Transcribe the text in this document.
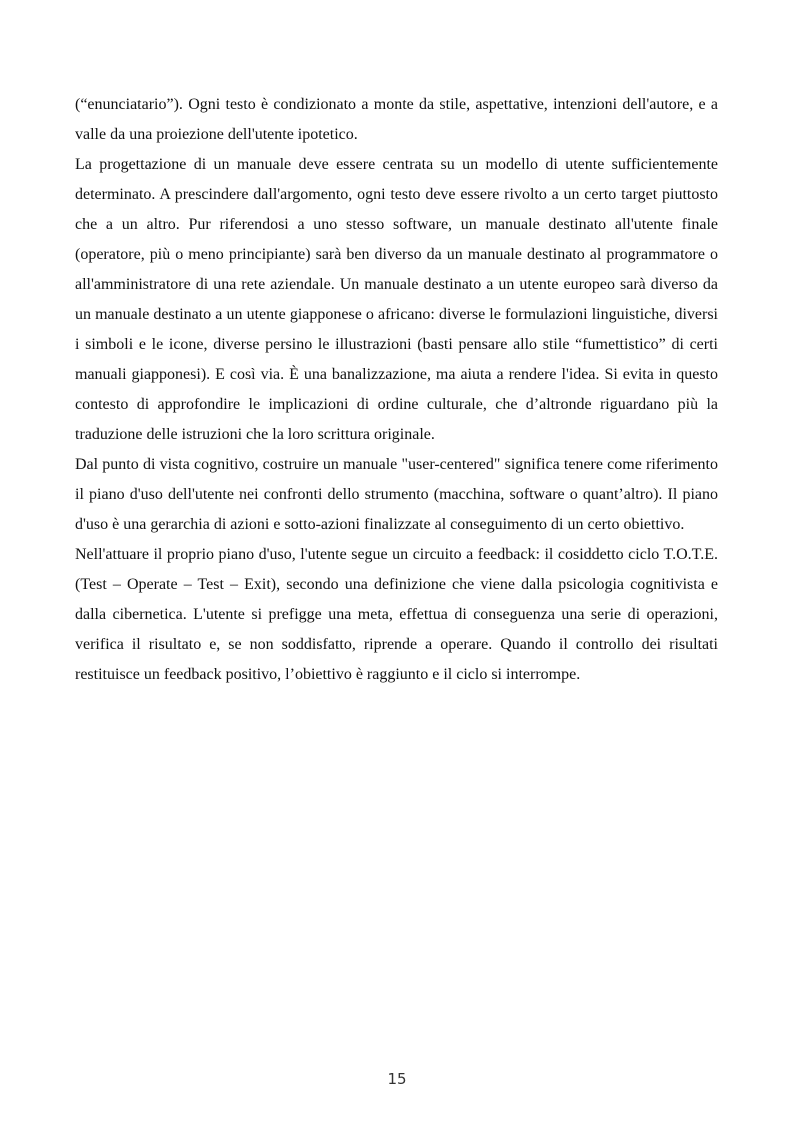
(“enunciatario”). Ogni testo è condizionato a monte da stile, aspettative, intenzioni dell'autore, e a valle da una proiezione dell'utente ipotetico.

La progettazione di un manuale deve essere centrata su un modello di utente sufficientemente determinato. A prescindere dall'argomento, ogni testo deve essere rivolto a un certo target piuttosto che a un altro. Pur riferendosi a uno stesso software, un manuale destinato all'utente finale (operatore, più o meno principiante) sarà ben diverso da un manuale destinato al programmatore o all'amministratore di una rete aziendale. Un manuale destinato a un utente europeo sarà diverso da un manuale destinato a un utente giapponese o africano: diverse le formulazioni linguistiche, diversi i simboli e le icone, diverse persino le illustrazioni (basti pensare allo stile “fumettistico” di certi manuali giapponesi). E così via. È una banalizzazione, ma aiuta a rendere l'idea. Si evita in questo contesto di approfondire le implicazioni di ordine culturale, che d’altronde riguardano più la traduzione delle istruzioni che la loro scrittura originale.

Dal punto di vista cognitivo, costruire un manuale "user-centered" significa tenere come riferimento il piano d'uso dell'utente nei confronti dello strumento (macchina, software o quant’altro). Il piano d'uso è una gerarchia di azioni e sotto-azioni finalizzate al conseguimento di un certo obiettivo.

Nell'attuare il proprio piano d'uso, l'utente segue un circuito a feedback: il cosiddetto ciclo T.O.T.E. (Test – Operate – Test – Exit), secondo una definizione che viene dalla psicologia cognitivista e dalla cibernetica. L'utente si prefigge una meta, effettua di conseguenza una serie di operazioni, verifica il risultato e, se non soddisfatto, riprende a operare. Quando il controllo dei risultati restituisce un feedback positivo, l’obiettivo è raggiunto e il ciclo si interrompe.

15
